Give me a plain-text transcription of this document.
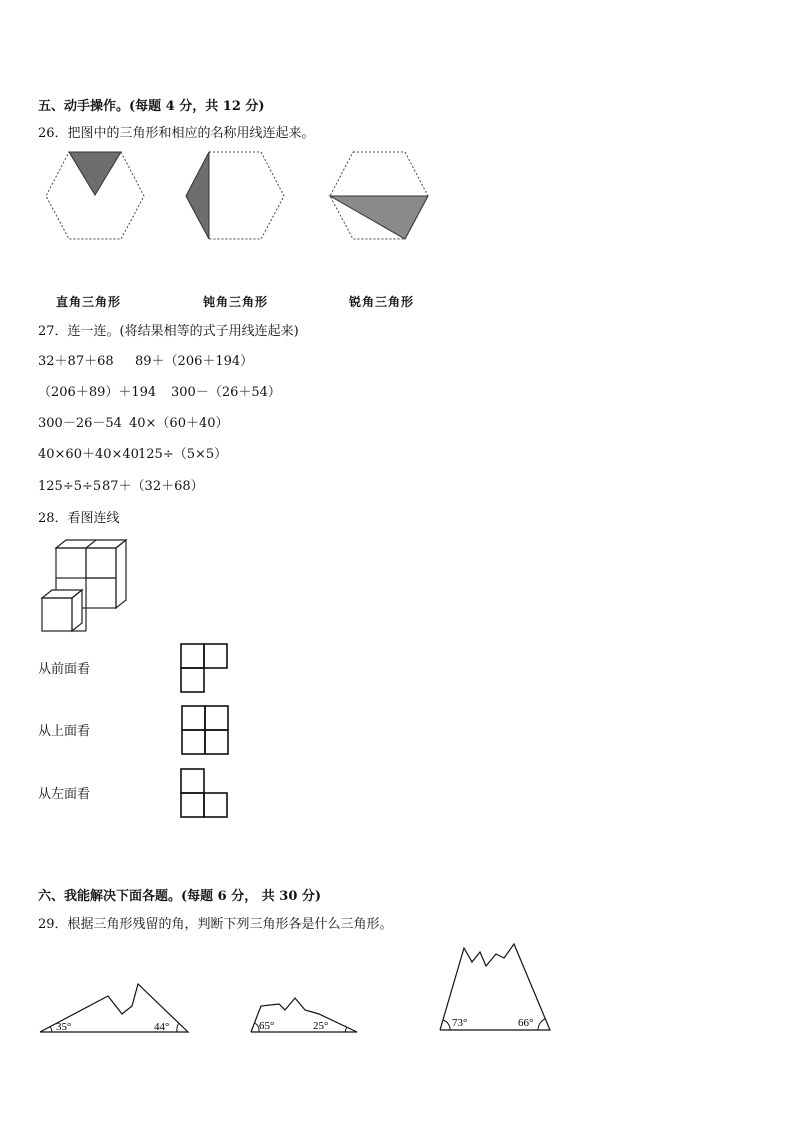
五、动手操作。(每题 4 分，共 12 分)
26．把图中的三角形和相应的名称用线连起来。
直角三角形	钝角三角形	锐角三角形
27．连一连。(将结果相等的式子用线连起来)
32＋87＋68 89＋（206＋194）
（206＋89）＋194 300－（26＋54）
300－26－54 40×（60＋40）
40×60＋40×40 125÷（5×5）
125÷5÷5 87＋（32＋68）
28．看图连线
从前面看
从上面看
从左面看
六、我能解决下面各题。(每题 6 分， 共 30 分)
29．根据三角形残留的角，判断下列三角形各是什么三角形。
35°	44°	65°	25°	73°	66°
